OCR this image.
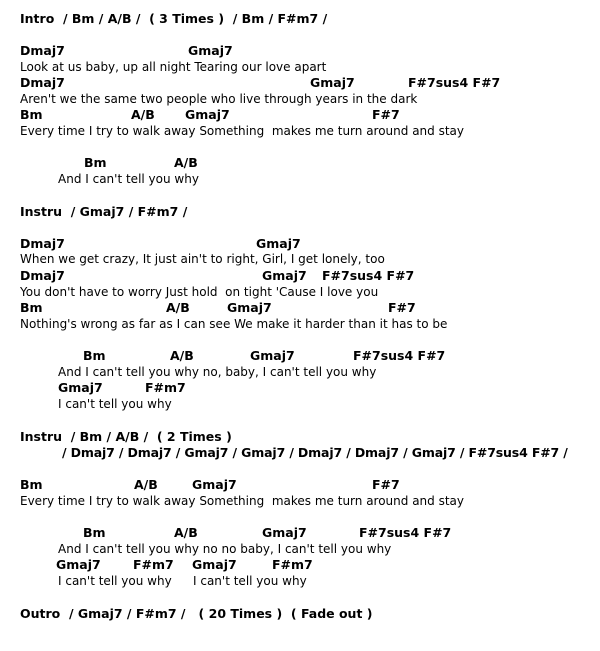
Intro  / Bm / A/B /  ( 3 Times )  / Bm / F#m7 /

Dmaj7

	Gmaj7

Look at us baby, up all night Tearing our love apart

Dmaj7

	Gmaj7

	F#7sus4 F#7

Aren't we the same two people who live through years in the dark

Bm

	A/B

Gmaj7

	F#7

Every time I try to walk away Something  makes me turn around and stay

Bm

	A/B

And I can't tell you why

Instru  / Gmaj7 / F#m7 /

Dmaj7

	Gmaj7

When we get crazy, It just ain't to right, Girl, I get lonely, too

Dmaj7

	Gmaj7

F#7sus4 F#7

You don't have to worry Just hold  on tight 'Cause I love you

Bm

	A/B

	Gmaj7

	F#7

Nothing's wrong as far as I can see We make it harder than it has to be

Bm

	A/B

	Gmaj7

	F#7sus4 F#7

And I can't tell you why no, baby, I can't tell you why

Gmaj7

	F#m7

I can't tell you why

Instru  / Bm / A/B /  ( 2 Times )

/ Dmaj7 / Dmaj7 / Gmaj7 / Gmaj7 / Dmaj7 / Dmaj7 / Gmaj7 / F#7sus4 F#7 /

Bm

	A/B

	Gmaj7

	F#7

Every time I try to walk away Something  makes me turn around and stay

Bm

	A/B

	Gmaj7

	F#7sus4 F#7

And I can't tell you why no no baby, I can't tell you why

Gmaj7

	F#m7

Gmaj7

	F#m7

I can't tell you why

I can't tell you why

Outro  / Gmaj7 / F#m7 /   ( 20 Times )  ( Fade out )
